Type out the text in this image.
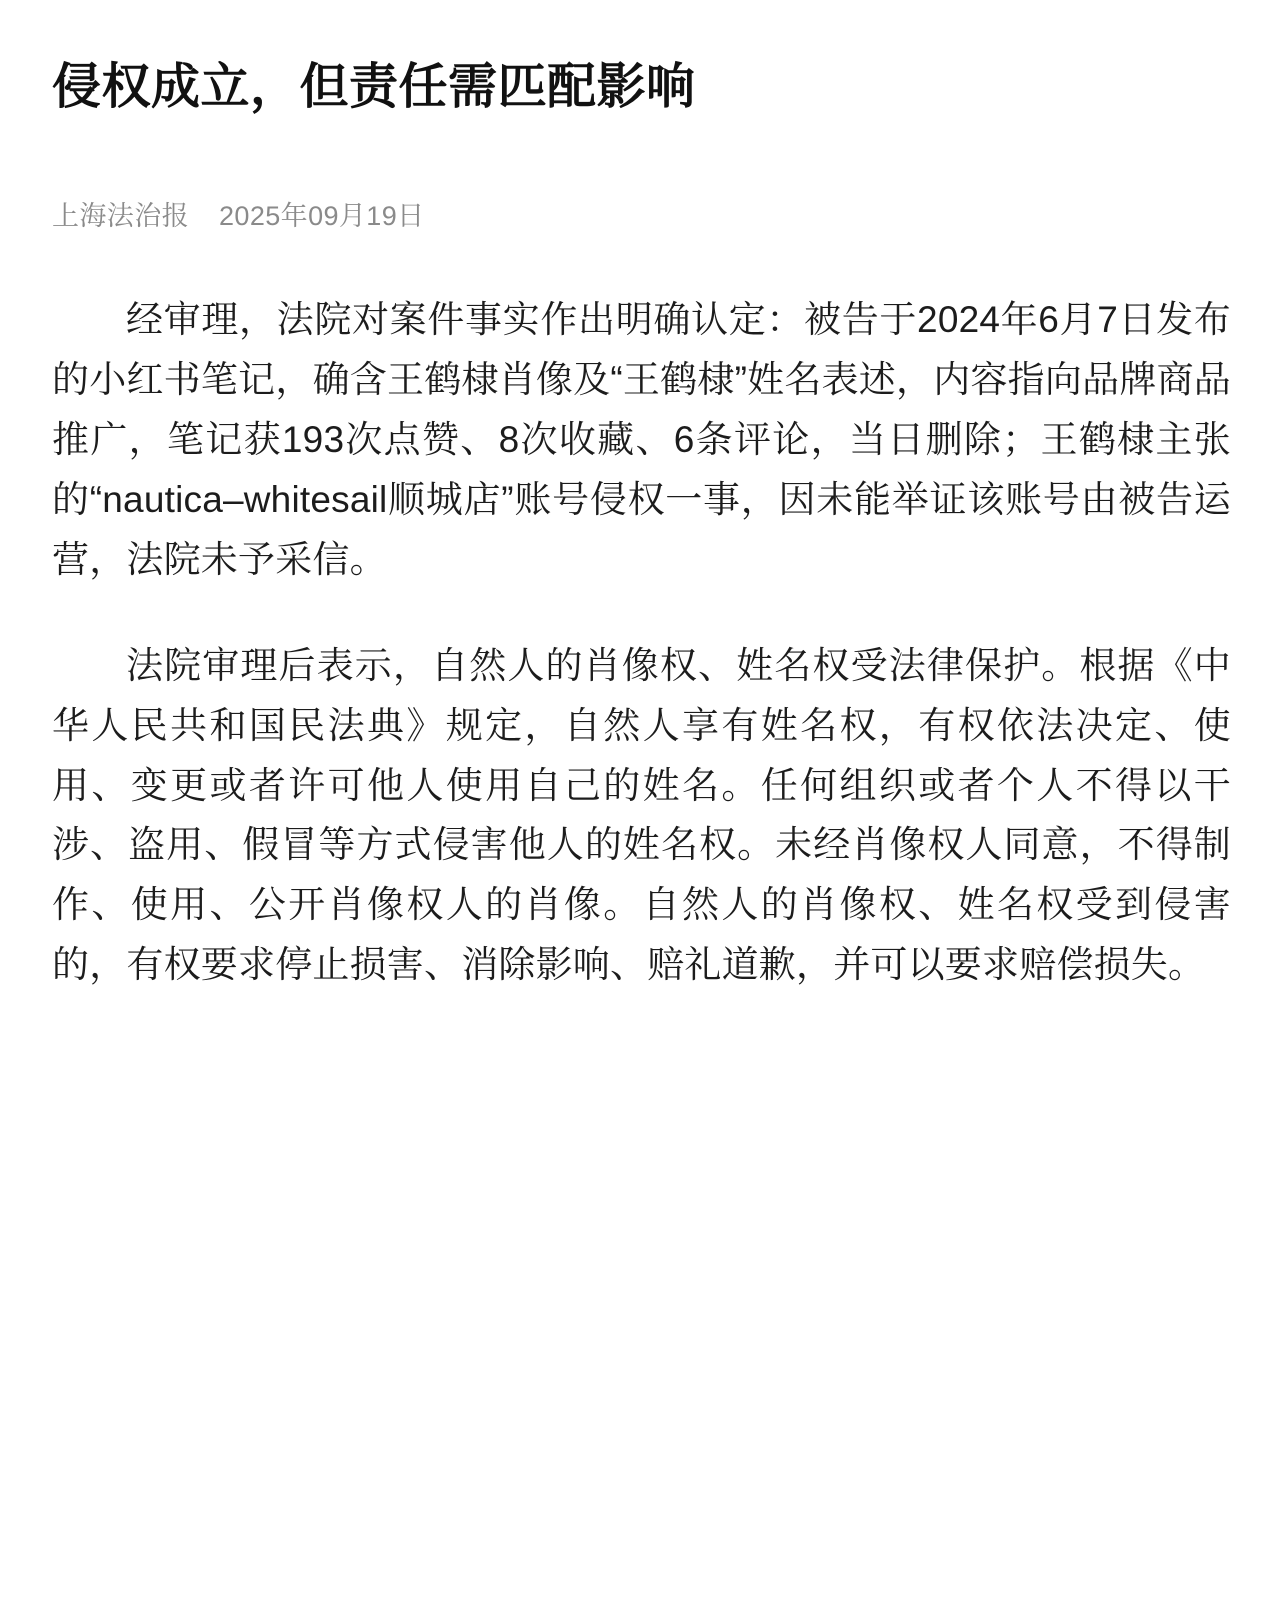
侵权成立，但责任需匹配影响
上海法治报 2025年09月19日

经审理，法院对案件事实作出明确认定：被告于2024年6月7日发布的小红书笔记，确含王鹤棣肖像及“王鹤棣”姓名表述，内容指向品牌商品推广，笔记获193次点赞、8次收藏、6条评论，当日删除；王鹤棣主张的“nautica–whitesail顺城店”账号侵权一事，因未能举证该账号由被告运营，法院未予采信。

法院审理后表示，自然人的肖像权、姓名权受法律保护。根据《中华人民共和国民法典》规定，自然人享有姓名权，有权依法决定、使用、变更或者许可他人使用自己的姓名。任何组织或者个人不得以干涉、盗用、假冒等方式侵害他人的姓名权。未经肖像权人同意，不得制作、使用、公开肖像权人的肖像。自然人的肖像权、姓名权受到侵害的，有权要求停止损害、消除影响、赔礼道歉，并可以要求赔偿损失。
